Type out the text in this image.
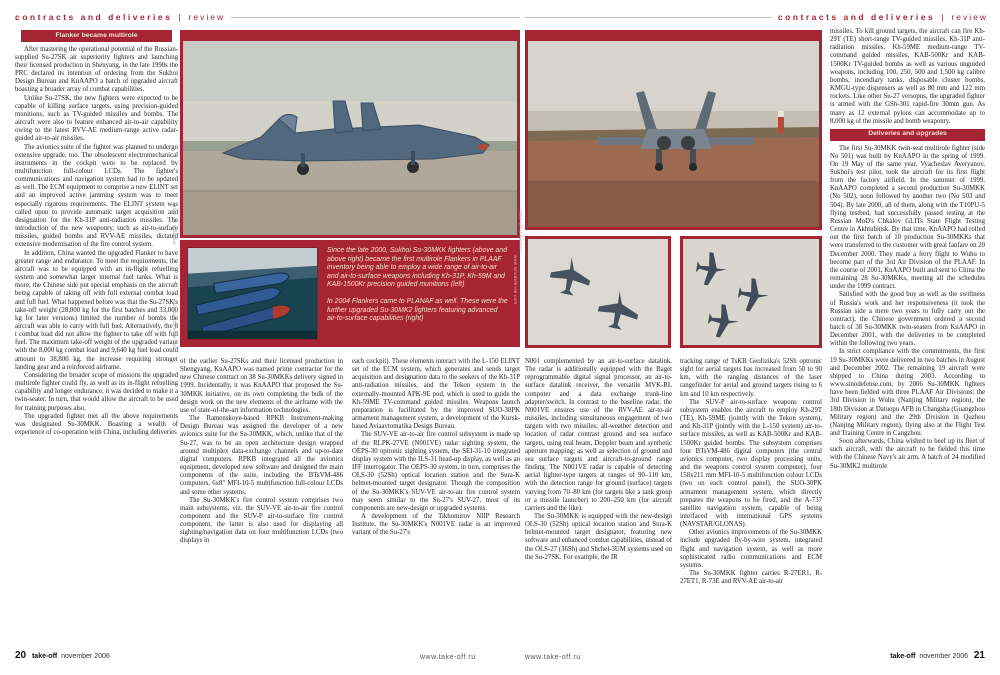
contracts and deliveries | review
Flanker became multirole

After mastering the operational potential of the Russian-supplied Su-27SK air superiority fighters and launching their licensed production in Shenyang, in the late 1990s the PRC declared its intention of ordering from the Sukhoi Design Bureau and KnAAPO a batch of upgraded aircraft boasting a broader array of combat capabilities.

Unlike Su-27SK, the new fighters were expected to be capable of killing surface targets, using precision-guided munitions, such as TV-guided missiles and bombs. The aircraft were also to feature enhanced air-to-air capability owing to the latest RVV-AE medium-range active radar-guided air-to-air missiles.

The avionics suite of the fighter was planned to undergo extensive upgrade, too. The obsolescent electromechanical instruments in the cockpit were to be replaced by multifunction full-colour LCDs. The fighter's communications and navigation system had to be updated as well. The ECM equipment to comprise a new ELINT set and an improved active jamming system was to meet especially rigorous requirements. The ELINT system was called upon to provide automatic target acquisition and designation for the Kh-31P anti-radiation missiles. The introduction of the new weaponry, such as air-to-surface missiles, guided bombs and RVV-AE missiles, dictated extensive modernisation of the fire control system.

In addition, China wanted the upgraded Flanker to have greater range and endurance. To meet the requirements, the aircraft was to be equipped with an in-flight refuelling system and somewhat larger internal fuel tanks. What is more, the Chinese side put special emphasis on the aircraft being capable of taking off with full external combat load and full fuel. What happened before was that the Su-27SK's take-off weight (28,000 kg for the first batches and 33,000 kg for later versions) limited the number of bombs the aircraft was able to carry with full fuel. Alternatively, the 8 t combat load did not allow the fighter to take off with full fuel. The maximum take-off weight of the upgraded variant with the 8,000 kg combat load and 9,640 kg fuel load could amount to 38,800 kg, the increase requiring stronger landing gear and a reinforced airframe.

Considering the broader scope of missions the upgraded multirole fighter could fly, as well as its in-flight refuelling capability and longer endurance, it was decided to make it a twin-seater. In turn, that would allow the aircraft to be used for training purposes also.

The upgraded fighter met all the above requirements was designated Su-30MKK. Boasting a wealth of experience of co-operation with China, including deliveries

Since the late 2000, Sukhoi Su-30MKK fighters (above and above right) became the first multirole Flankers in PLAAF inventory being able to employ a wide range of air-to-air and air-to-surface weapons including Kh-31P, Kh-59M and KAB-1500Kr precision guided munitions (left)

In 2004 Flankers came to PLANAF as well. These were the further upgraded Su-30MK2 fighters featuring advanced air-to-surface capabilities (right)

of the earlier Su-27SKs and their licensed production in Shengyang, KnAAPO was named prime contractor for the new Chinese contract on 38 Su-30MKKs delivery signed in 1999. Incidentally, it was KnAAPO that proposed the Su-30MKK initiative, on its own completing the bulk of the design work on the new elements of the airframe with the use of state-of-the-art information technologies.

The Ramenskoye-based RPKB Instrument-making Design Bureau was assigned the developer of a new avionics suite for the Su-30MKK, which, unlike that of the Su-27, was to be an open architecture design wrapped around multiplex data-exchange channels and up-to-date digital computers. RPKB integrated all the avionics equipment, developed new software and designed the main components of the suite, including the BTsVM-486 computers, 6x8" MFI-10-5 multifunction full-colour LCDs and some other systems.

The Su-30MKK's fire control system comprises two main subsystems, viz. the SUV-VE air-to-air fire control component and the SUV-P air-to-surface fire control component, the latter is also used for displaying all sighting/navigation data on four multifunction LCDs (two displays in

each cockpit). These elements interact with the L-150 ELINT set of the ECM system, which generates and sends target acquisition and designation data to the seekers of the Kh-31P anti-radiation missiles, and the Tekon system in the externally-mounted APK-9E pod, which is used to guide the Kh-59ME TV-command guided missiles. Weapons launch preparation is facilitated by the improved SUO-30PK armament management system, a development of the Kursk-based Aviaavtomatika Design Bureau.

The SUV-VE air-to-air fire control subsystem is made up of the RLPK-27VE (N001VE) radar sighting system, the OEPS-30 optronic sighting system, the SEI-31-10 integrated display system with the ILS-31 head-up display, as well as an IFF interrogator. The OEPS-30 system, in turn, comprises the OLS-30 (52Sh) optical location station and the Sura-K helmet-mounted target designator. Though the composition of the Su-30MKK's SUV-VE air-to-air fire control system may seem similar to the Su-27's SUV-27, most of its components are new-design or upgraded systems.

A development of the Tikhomirov NIIP Research Institute, the Su-30MKK's N001VE radar is an improved variant of the Su-27's

Take-off collection
www.sinodefense.com
www.sinodefense.com
20 take-off november 2006	www.take-off.ru
contracts and deliveries | review

N001 complemented by an air-to-surface datalink. The radar is additionally equipped with the Baget reprogrammable digital signal processor, an air-to-surface datalink receiver, the versatile MVK-RL computer and a data exchange trunk-line adapter/switch. In contrast to the baseline radar, the N001VE ensures use of the RVV-AE air-to-air missiles, including simultaneous engagement of two targets with two missiles; all-weather detection and location of radar contrast ground and sea surface targets, using real beam, Doppler beam and synthetic aperture mapping; as well as selection of ground and sea surface targets and aircraft-to-ground range finding. The N001VE radar is capable of detecting aerial fighter-type targets at ranges of 90–110 km, with the detection range for ground (surface) targets varying from 70–80 km (for targets like a tank group or a missile launcher) to 200–250 km (for aircraft carriers and the like).

The Su-30MKK is equipped with the new-design OLS-30 (52Sh) optical location station and Sura-K helmet-mounted target designator, featuring new software and enhanced combat capabilities, instead of the OLS-27 (36Sh) and Shchel-3UM systems used on the Su-27SK. For example, the IR

tracking range of TsKB Geofizika's 52Sh optronic sight for aerial targets has increased from 50 to 90 km, with the ranging distances of the laser rangefinder for aerial and ground targets rising to 6 km and 10 km respectively.

The SUV-P air-to-surface weapons control subsystem enables the aircraft to employ Kh-29T (TE), Kh-59ME (jointly with the Tekon system), and Kh-31P (jointly with the L-150 system) air-to-surface missiles, as well as KAB-500Kr and KAB-1500Kr guided bombs. The subsystem comprises four BTsVM-486 digital computers (the central avionics computer, two display processing units, and the weapons control system computer), four 158x211 mm MFI-10-5 multifunction colour LCDs (two on each control panel), the SUO-30PK armament management system, which directly prepares the weapons to be fired, and the A-737 satellite navigation system, capable of being interfaced with international GPS systems (NAVSTAR/GLONAS).

Other avionics improvements of the Su-30MKK include upgraded fly-by-wire system, integrated flight and navigation system, as well as more sophisticated radio communications and ECM systems.

The Su-30MKK fighter carries R-27ER1, R-27ET1, R-73E and RVV-AE air-to-air

missiles. To kill ground targets, the aircraft can fire Kh-29T (TE) short-range TV-guided missiles, Kh-31P anti-radiation missiles, Kh-59ME medium-range TV-command guided missiles, KAB-500Kr and KAB-1500Kr TV-guided bombs as well as various unguided weapons, including 100, 250, 500 and 1,500 kg calibre bombs, incendiary tanks, disposable cluster bombs, KMGU-type dispensers as well as 80 mm and 122 mm rockets. Like other Su-27 versopns, the upgraded fighter is armed with the GSh-301 rapid-fire 30mm gun. As many as 12 external pylons can accommodate up to 8,000 kg of the missile and bomb weaponry.

Deliveries and upgrades

The first Su-30MKK twin-seat multirole fighter (side No 501) was built by KnAAPO in the spring of 1999. On 19 May of the same year, Vyacheslav Averyanov, Sukhoi's test pilot, took the aircraft for its first flight from the factory airfield. In the summer of 1999, KnAAPO completed a second production Su-30MKK (No 502), soon followed by another two (No 503 and 504). By late 2000, all of them, along with the T10PU-5 flying testbed, had successfully passed testing at the Russian MoD's Chkalov GLITs State Flight Testing Centre in Akhtubinsk. By that time, KnAAPO had rolled out the first batch of 10 production Su-30MKKs that were transferred to the customer with great fanfare on 20 December 2000. They made a ferry flight to Wuhu to become part of the 3rd Air Division of the PLAAF. In the course of 2001, KnAAPO built and sent to China the remaining 28 Su-30MKKs, meeting all the schedules under the 1999 contract.

Satisfied with the good buy as well as the swiftness of Russia's work and her responsiveness (it took the Russian side a mere two years to fully carry out the contract), the Chinese government ordered a second batch of 38 Su-30MKK twin-seaters from KnAAPO in December 2001, with the deliveries to be completed within the following two years.

In strict compliance with the commitments, the first 19 Su-30MKKs were delivered in two batches in August and December 2002. The remaining 19 aircraft were shipped to China during 2003. According to www.sinodefense.com, by 2006 Su-30MKK fighters have been fielded with three PLAAF Air Divisions: the 3rd Division in Wuhu (Nanjing Military region), the 18th Division at Datuopu AFB in Changsha (Guangzhou Military region) and the 29th Division in Quzhou (Nanjing Military region), flying also at the Flight Test and Training Centre in Cangzhou.

Soon afterwards, China wished to beef up its fleet of such aircraft, with the aircraft to be fielded this time with the Chinese Navy's air arm. A batch of 24 modified Su-30MK2 multirole

Take-off collection
www.take-off.ru	take-off november 2006 21
